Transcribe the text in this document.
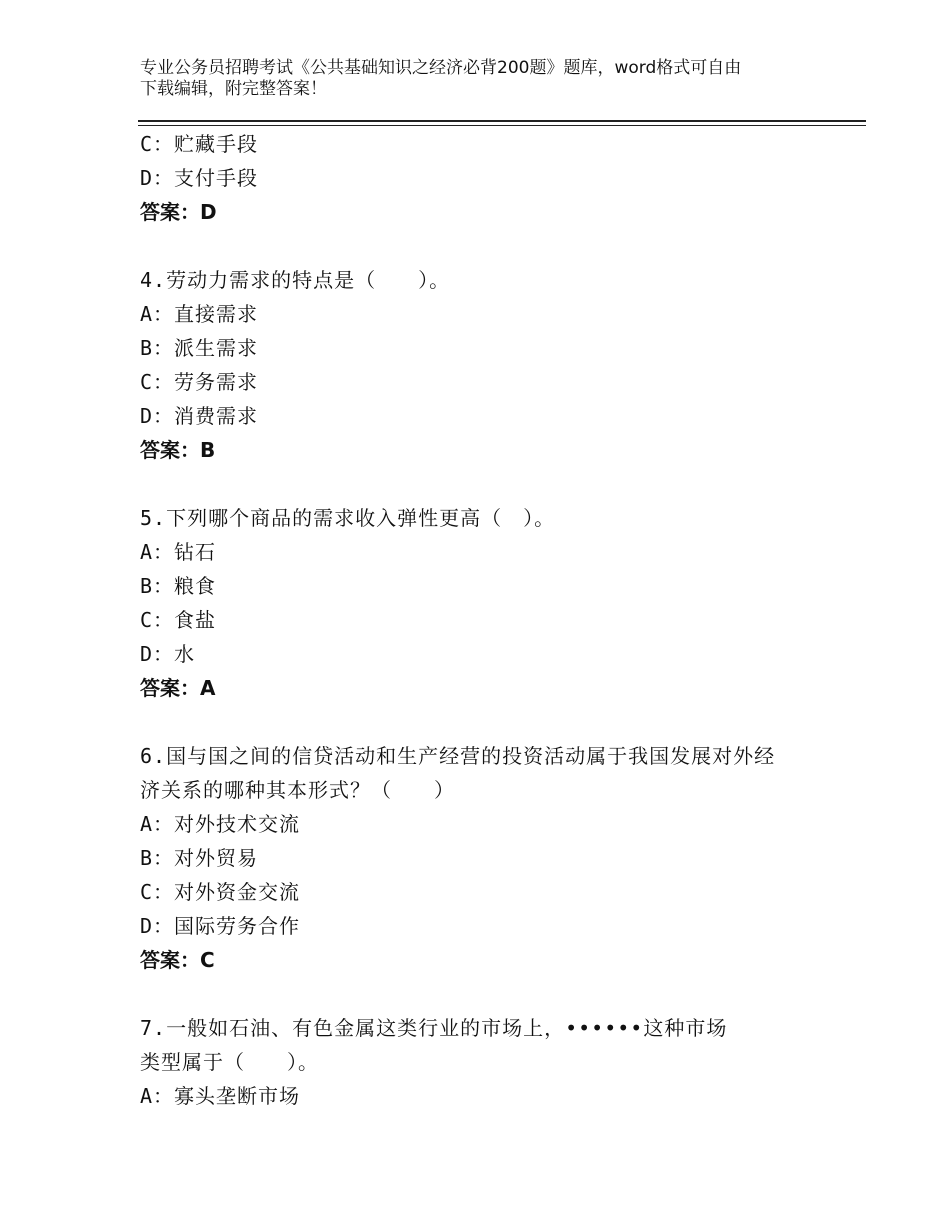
专业公务员招聘考试《公共基础知识之经济必背200题》题库，word格式可自由
下载编辑，附完整答案！
C：贮藏手段
D：支付手段
答案：D
4.劳动力需求的特点是（　　）。
A：直接需求
B：派生需求
C：劳务需求
D：消费需求
答案：B
5.下列哪个商品的需求收入弹性更高（　）。
A：钻石
B：粮食
C：食盐
D：水
答案：A
6.国与国之间的信贷活动和生产经营的投资活动属于我国发展对外经
济关系的哪种其本形式？（　　）
A：对外技术交流
B：对外贸易
C：对外资金交流
D：国际劳务合作
答案：C
7.一般如石油、有色金属这类行业的市场上，••••••这种市场
类型属于（　　）。
A：寡头垄断市场
